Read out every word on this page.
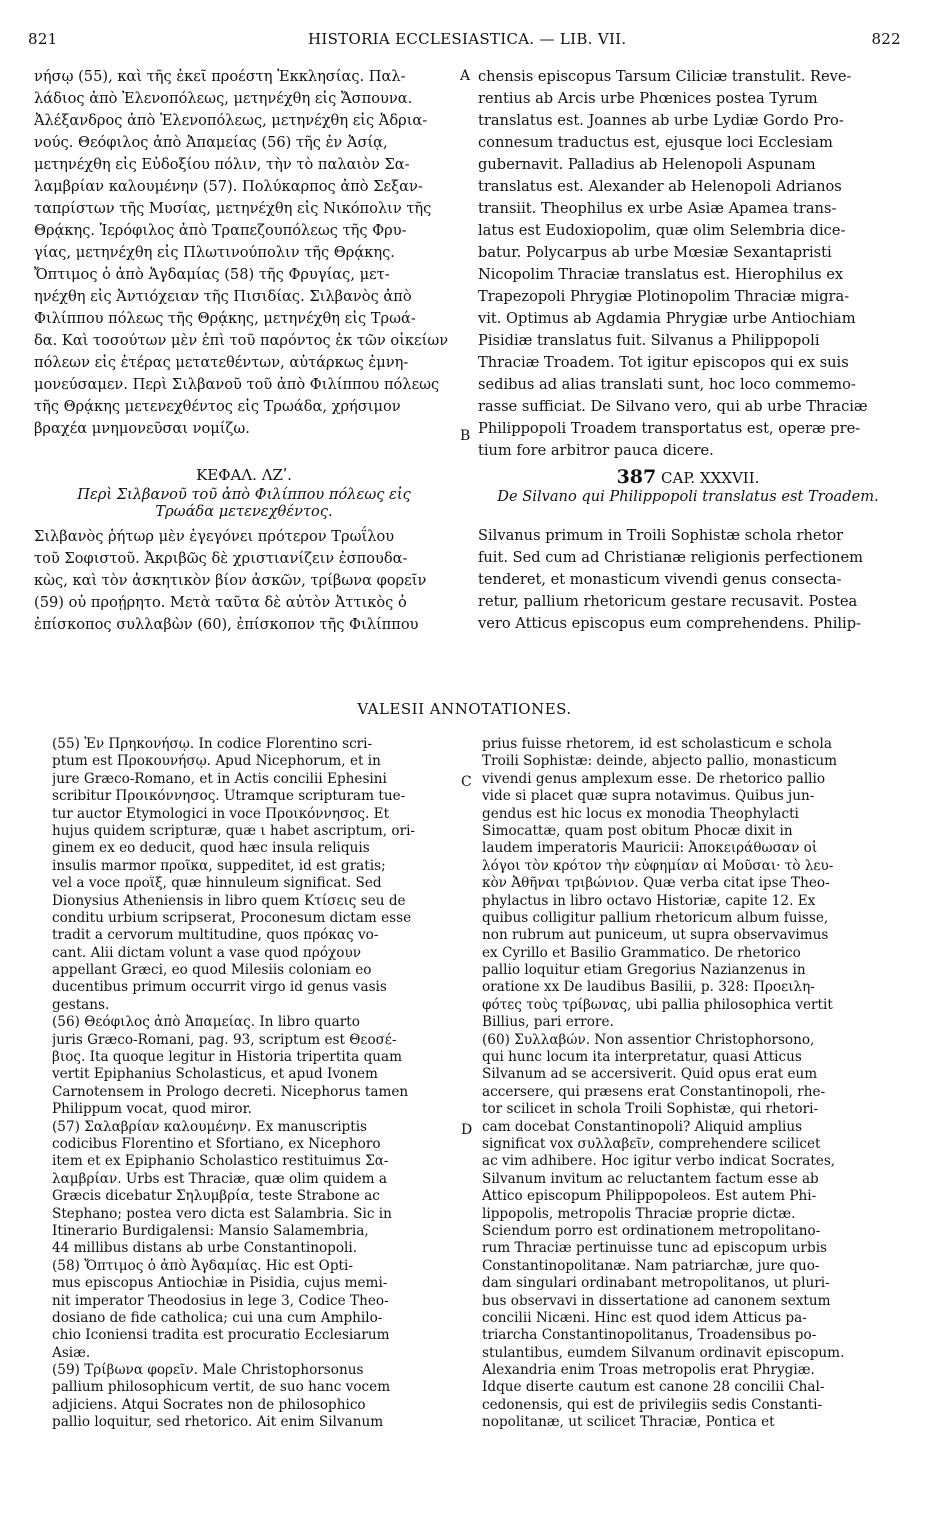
821	HISTORIA ECCLESIASTICA. — LIB. VII.	822
νήσῳ (55), καὶ τῆς ἐκεῖ προέστη Ἐκκλησίας. Παλ-
λάδιος ἀπὸ Ἐλενοπόλεως, μετηνέχθη εἰς Ἄσπουνα.
Ἀλέξανδρος ἀπὸ Ἐλενοπόλεως, μετηνέχθη εἰς Ἀδρια-
νούς. Θεόφιλος ἀπὸ Ἀπαμείας (56) τῆς ἐν Ἀσίᾳ,
μετηνέχθη εἰς Εὐδοξίου πόλιν, τὴν τὸ παλαιὸν Σα-
λαμβρίαν καλουμένην (57). Πολύκαρπος ἀπὸ Σεξαν-
ταπρίστων τῆς Μυσίας, μετηνέχθη εἰς Νικόπολιν τῆς
Θρᾴκης. Ἱερόφιλος ἀπὸ Τραπεζουπόλεως τῆς Φρυ-
γίας, μετηνέχθη εἰς Πλωτινούπολιν τῆς Θρᾴκης.
Ὄπτιμος ὁ ἀπὸ Ἀγδαμίας (58) τῆς Φρυγίας, μετ-
ηνέχθη εἰς Ἀντιόχειαν τῆς Πισιδίας. Σιλβανὸς ἀπὸ
Φιλίππου πόλεως τῆς Θρᾴκης, μετηνέχθη εἰς Τρωά-
δα. Καὶ τοσούτων μὲν ἐπὶ τοῦ παρόντος ἐκ τῶν οἰκείων
πόλεων εἰς ἑτέρας μετατεθέντων, αὐτάρκως ἐμνη-
μονεύσαμεν. Περὶ Σιλβανοῦ τοῦ ἀπὸ Φιλίππου πόλεως
τῆς Θρᾴκης μετενεχθέντος εἰς Τρωάδα, χρήσιμον
βραχέα μνημονεῦσαι νομίζω.
ΚΕΦΑΛ. ΛΖʹ.
Περὶ Σιλβανοῦ τοῦ ἀπὸ Φιλίππου πόλεως εἰς
Τρωάδα μετενεχθέντος.
Σιλβανὸς ῥήτωρ μὲν ἐγεγόνει πρότερον Τρωΐλου
τοῦ Σοφιστοῦ. Ἀκριβῶς δὲ χριστιανίζειν ἐσπουδα-
κὼς, καὶ τὸν ἀσκητικὸν βίον ἀσκῶν, τρίβωνα φορεῖν
(59) οὐ προῄρητο. Μετὰ ταῦτα δὲ αὐτὸν Ἀττικὸς ὁ
ἐπίσκοπος συλλαβὼν (60), ἐπίσκοπον τῆς Φιλίππου
A
B
C
D
chensis episcopus Tarsum Ciliciæ transtulit. Reve-
rentius ab Arcis urbe Phœnices postea Tyrum
translatus est. Joannes ab urbe Lydiæ Gordo Pro-
connesum traductus est, ejusque loci Ecclesiam
gubernavit. Palladius ab Helenopoli Aspunam
translatus est. Alexander ab Helenopoli Adrianos
transiit. Theophilus ex urbe Asiæ Apamea trans-
latus est Eudoxiopolim, quæ olim Selembria dice-
batur. Polycarpus ab urbe Mœsiæ Sexantapristi
Nicopolim Thraciæ translatus est. Hierophilus ex
Trapezopoli Phrygiæ Plotinopolim Thraciæ migra-
vit. Optimus ab Agdamia Phrygiæ urbe Antiochiam
Pisidiæ translatus fuit. Silvanus a Philippopoli
Thraciæ Troadem. Tot igitur episcopos qui ex suis
sedibus ad alias translati sunt, hoc loco commemo-
rasse sufficiat. De Silvano vero, qui ab urbe Thraciæ
Philippopoli Troadem transportatus est, operæ pre-
tium fore arbitror pauca dicere.
387 CAP. XXXVII.
De Silvano qui Philippopoli translatus est Troadem.
Silvanus primum in Troili Sophistæ schola rhetor
fuit. Sed cum ad Christianæ religionis perfectionem
tenderet, et monasticum vivendi genus consecta-
retur, pallium rhetoricum gestare recusavit. Postea
vero Atticus episcopus eum comprehendens. Philip-
VALESII ANNOTATIONES.
(55) Ἐν Πρηκονήσῳ. In codice Florentino scri-
ptum est Προκουνήσῳ. Apud Nicephorum, et in
jure Græco-Romano, et in Actis concilii Ephesini
scribitur Προικόννησος. Utramque scripturam tue-
tur auctor Etymologici in voce Προικόννησος. Et
hujus quidem scripturæ, quæ ι habet ascriptum, ori-
ginem ex eo deducit, quod hæc insula reliquis
insulis marmor προῖκα, suppeditet, id est gratis;
vel a voce προΐξ, quæ hinnuleum significat. Sed
Dionysius Atheniensis in libro quem Κτίσεις seu de
conditu urbium scripserat, Proconesum dictam esse
tradit a cervorum multitudine, quos πρόκας vo-
cant. Alii dictam volunt a vase quod πρόχουν
appellant Græci, eo quod Milesiis coloniam eo
ducentibus primum occurrit virgo id genus vasis
gestans.
(56) Θεόφιλος ἀπὸ Ἀπαμείας. In libro quarto
juris Græco-Romani, pag. 93, scriptum est Θεοσέ-
βιος. Ita quoque legitur in Historia tripertita quam
vertit Epiphanius Scholasticus, et apud Ivonem
Carnotensem in Prologo decreti. Nicephorus tamen
Philippum vocat, quod miror.
(57) Σαλαβρίαν καλουμένην. Ex manuscriptis
codicibus Florentino et Sfortiano, ex Nicephoro
item et ex Epiphanio Scholastico restituimus Σα-
λαμβρίαν. Urbs est Thraciæ, quæ olim quidem a
Græcis dicebatur Σηλυμβρία, teste Strabone ac
Stephano; postea vero dicta est Salambria. Sic in
Itinerario Burdigalensi: Mansio Salamembria,
44 millibus distans ab urbe Constantinopoli.
(58) Ὄπτιμος ὁ ἀπὸ Ἀγδαμίας. Hic est Opti-
mus episcopus Antiochiæ in Pisidia, cujus memi-
nit imperator Theodosius in lege 3, Codice Theo-
dosiano de fide catholica; cui una cum Amphilo-
chio Iconiensi tradita est procuratio Ecclesiarum
Asiæ.
(59) Τρίβωνα φορεῖν. Male Christophorsonus
pallium philosophicum vertit, de suo hanc vocem
adjiciens. Atqui Socrates non de philosophico
pallio loquitur, sed rhetorico. Ait enim Silvanum
prius fuisse rhetorem, id est scholasticum e schola
Troili Sophistæ: deinde, abjecto pallio, monasticum
vivendi genus amplexum esse. De rhetorico pallio
vide si placet quæ supra notavimus. Quibus jun-
gendus est hic locus ex monodia Theophylacti
Simocattæ, quam post obitum Phocæ dixit in
laudem imperatoris Mauricii: Ἀποκειράθωσαν οἱ
λόγοι τὸν κρότον τὴν εὐφημίαν αἱ Μοῦσαι· τὸ λευ-
κὸν Ἀθῆναι τριβώνιον. Quæ verba citat ipse Theo-
phylactus in libro octavo Historiæ, capite 12. Ex
quibus colligitur pallium rhetoricum album fuisse,
non rubrum aut puniceum, ut supra observavimus
ex Cyrillo et Basilio Grammatico. De rhetorico
pallio loquitur etiam Gregorius Nazianzenus in
oratione xx De laudibus Basilii, p. 328: Προειλη-
φότες τοὺς τρίβωνας, ubi pallia philosophica vertit
Billius, pari errore.
(60) Συλλαβών. Non assentior Christophorsono,
qui hunc locum ita interpretatur, quasi Atticus
Silvanum ad se accersiverit. Quid opus erat eum
accersere, qui præsens erat Constantinopoli, rhe-
tor scilicet in schola Troili Sophistæ, qui rhetori-
cam docebat Constantinopoli? Aliquid amplius
significat vox συλλαβεῖν, comprehendere scilicet
ac vim adhibere. Hoc igitur verbo indicat Socrates,
Silvanum invitum ac reluctantem factum esse ab
Attico episcopum Philippopoleos. Est autem Phi-
lippopolis, metropolis Thraciæ proprie dictæ.
Sciendum porro est ordinationem metropolitano-
rum Thraciæ pertinuisse tunc ad episcopum urbis
Constantinopolitanæ. Nam patriarchæ, jure quo-
dam singulari ordinabant metropolitanos, ut pluri-
bus observavi in dissertatione ad canonem sextum
concilii Nicæni. Hinc est quod idem Atticus pa-
triarcha Constantinopolitanus, Troadensibus po-
stulantibus, eumdem Silvanum ordinavit episcopum.
Alexandria enim Troas metropolis erat Phrygiæ.
Idque diserte cautum est canone 28 concilii Chal-
cedonensis, qui est de privilegiis sedis Constanti-
nopolitanæ, ut scilicet Thraciæ, Pontica et
